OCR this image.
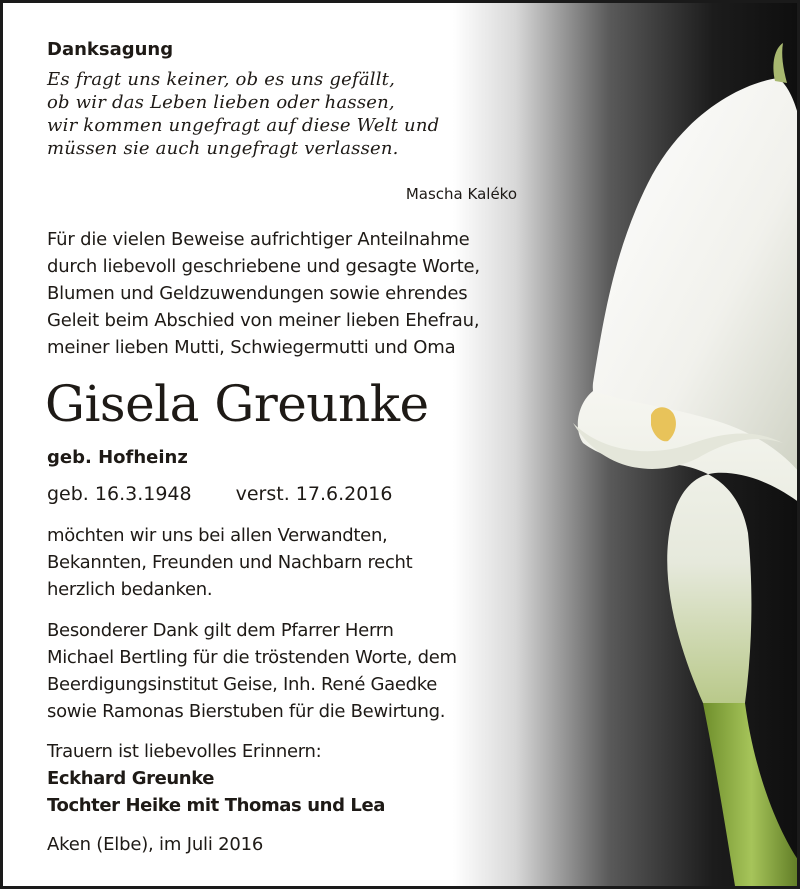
Danksagung

Es fragt uns keiner, ob es uns gefällt,
ob wir das Leben lieben oder hassen,
wir kommen ungefragt auf diese Welt und
müssen sie auch ungefragt verlassen.

Mascha Kaléko

Für die vielen Beweise aufrichtiger Anteilnahme
durch liebevoll geschriebene und gesagte Worte,
Blumen und Geldzuwendungen sowie ehrendes
Geleit beim Abschied von meiner lieben Ehefrau,
meiner lieben Mutti, Schwiegermutti und Oma

Gisela Greunke

geb. Hofheinz

geb. 16.3.1948 verst. 17.6.2016

möchten wir uns bei allen Verwandten,
Bekannten, Freunden und Nachbarn recht
herzlich bedanken.
Besonderer Dank gilt dem Pfarrer Herrn
Michael Bertling für die tröstenden Worte, dem
Beerdigungsinstitut Geise, Inh. René Gaedke
sowie Ramonas Bierstuben für die Bewirtung.
Trauern ist liebevolles Erinnern:
Eckhard Greunke
Tochter Heike mit Thomas und Lea

Aken (Elbe), im Juli 2016
